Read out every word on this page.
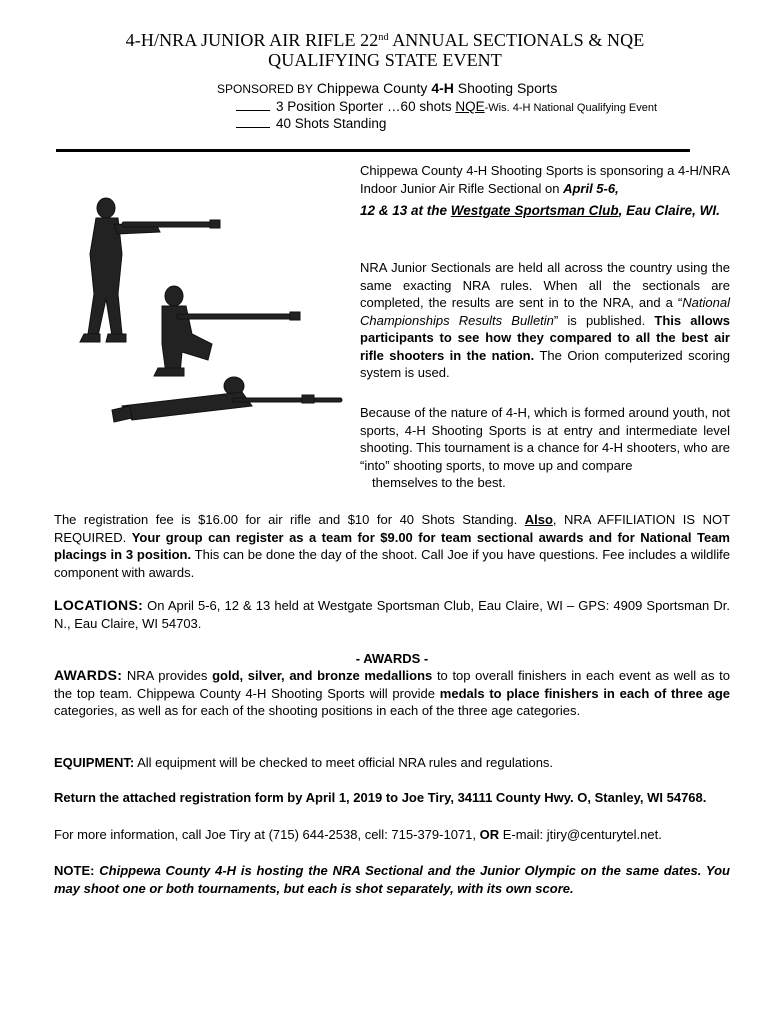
4-H/NRA JUNIOR AIR RIFLE 22nd ANNUAL SECTIONALS & NQE
QUALIFYING STATE EVENT
SPONSORED BY Chippewa County 4-H Shooting Sports
3 Position Sporter …60 shots NQE-Wis. 4-H National Qualifying Event
40 Shots Standing

Chippewa County 4-H Shooting Sports is sponsoring a 4-H/NRA Indoor Junior Air Rifle Sectional on April 5-6,

12 & 13 at the Westgate Sportsman Club, Eau Claire, WI.

NRA Junior Sectionals are held all across the country using the same exacting NRA rules. When all the sectionals are completed, the results are sent in to the NRA, and a “National Championships Results Bulletin” is published. This allows participants to see how they compared to all the best air rifle shooters in the nation. The Orion computerized scoring system is used.

Because of the nature of 4-H, which is formed around youth, not sports, 4-H Shooting Sports is at entry and intermediate level shooting. This tournament is a chance for 4-H shooters, who are “into” shooting sports, to move up and compare

themselves to the best.

The registration fee is $16.00 for air rifle and $10 for 40 Shots Standing. Also, NRA AFFILIATION IS NOT REQUIRED. Your group can register as a team for $9.00 for team sectional awards and for National Team placings in 3 position. This can be done the day of the shoot. Call Joe if you have questions. Fee includes a wildlife component with awards.

LOCATIONS: On April 5-6, 12 & 13 held at Westgate Sportsman Club, Eau Claire, WI – GPS: 4909 Sportsman Dr. N., Eau Claire, WI 54703.

- AWARDS -

AWARDS: NRA provides gold, silver, and bronze medallions to top overall finishers in each event as well as to the top team. Chippewa County 4-H Shooting Sports will provide medals to place finishers in each of three age categories, as well as for each of the shooting positions in each of the three age categories.

EQUIPMENT: All equipment will be checked to meet official NRA rules and regulations.

Return the attached registration form by April 1, 2019 to Joe Tiry, 34111 County Hwy. O, Stanley, WI 54768.
For more information, call Joe Tiry at (715) 644-2538, cell: 715-379-1071, OR E-mail: jtiry@centurytel.net.

NOTE: Chippewa County 4-H is hosting the NRA Sectional and the Junior Olympic on the same dates. You may shoot one or both tournaments, but each is shot separately, with its own score.
